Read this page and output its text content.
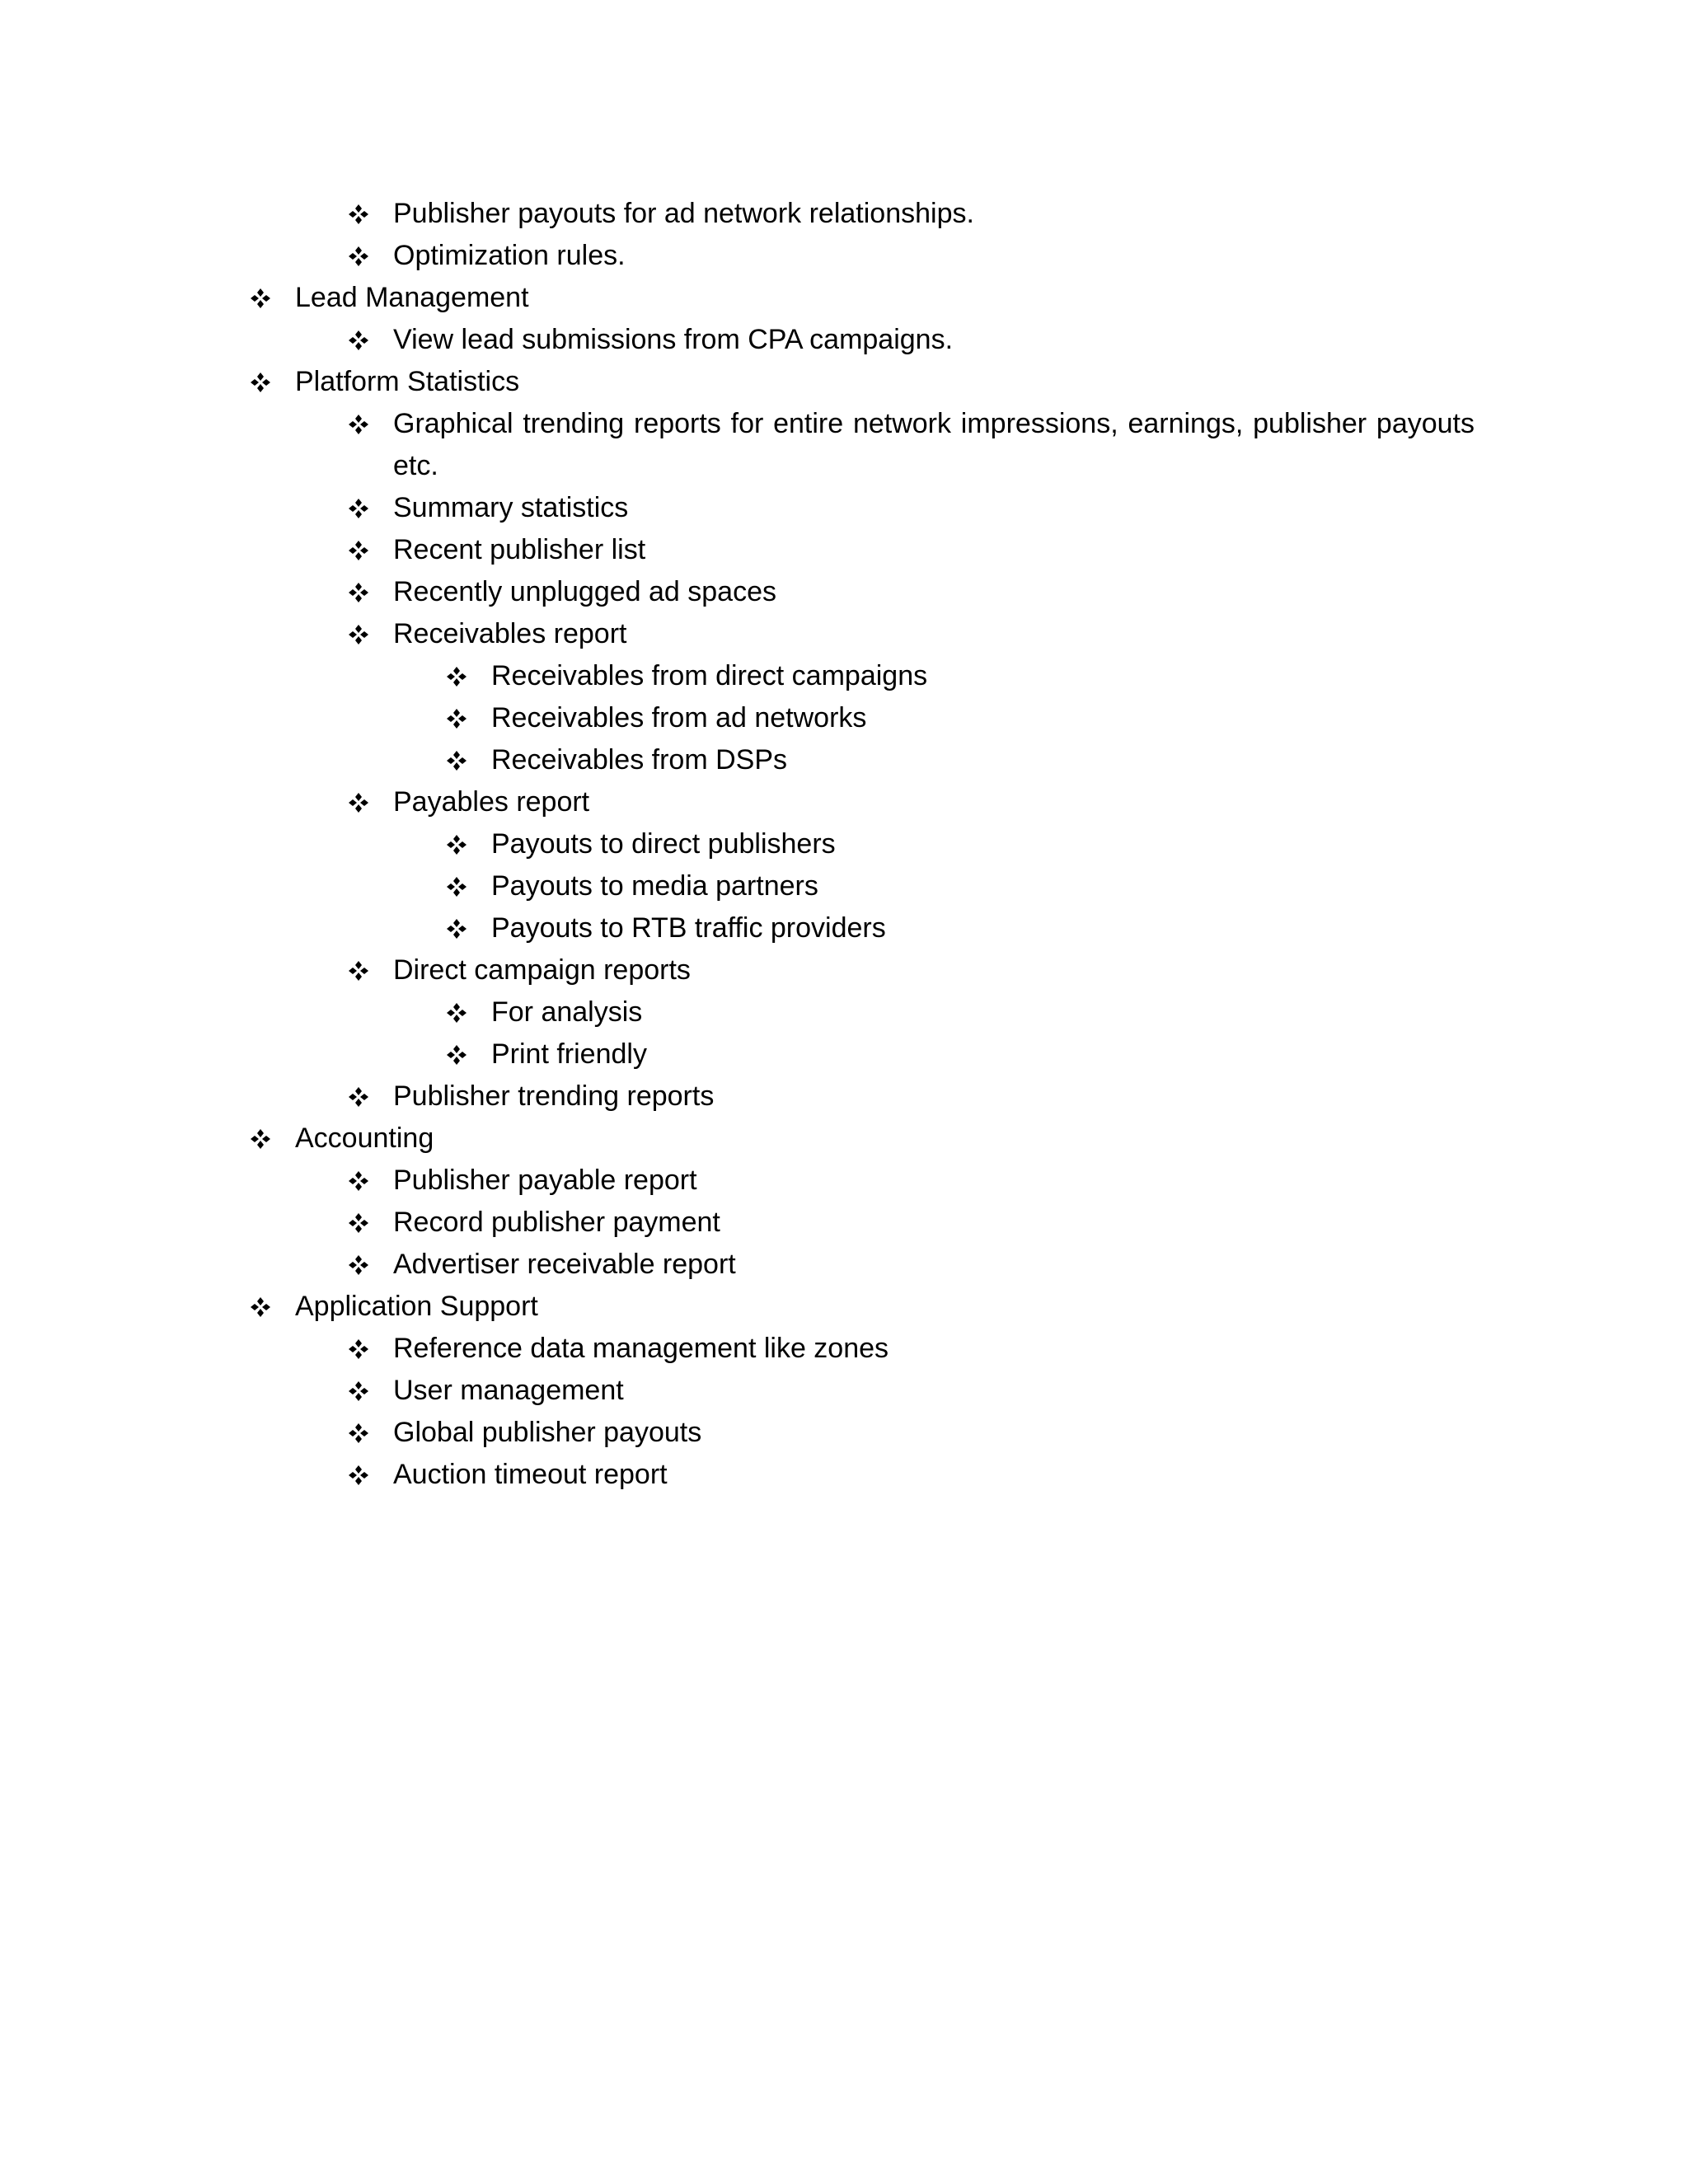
Publisher payouts for ad network relationships.
Optimization rules.
Lead Management
View lead submissions from CPA campaigns.
Platform Statistics
Graphical trending reports for entire network impressions, earnings, publisher payouts etc.
Summary statistics
Recent publisher list
Recently unplugged ad spaces
Receivables report
Receivables from direct campaigns
Receivables from ad networks
Receivables from DSPs
Payables report
Payouts to direct publishers
Payouts to media partners
Payouts to RTB traffic providers
Direct campaign reports
For analysis
Print friendly
Publisher trending reports
Accounting
Publisher payable report
Record publisher payment
Advertiser receivable report
Application Support
Reference data management like zones
User management
Global publisher payouts
Auction timeout report
